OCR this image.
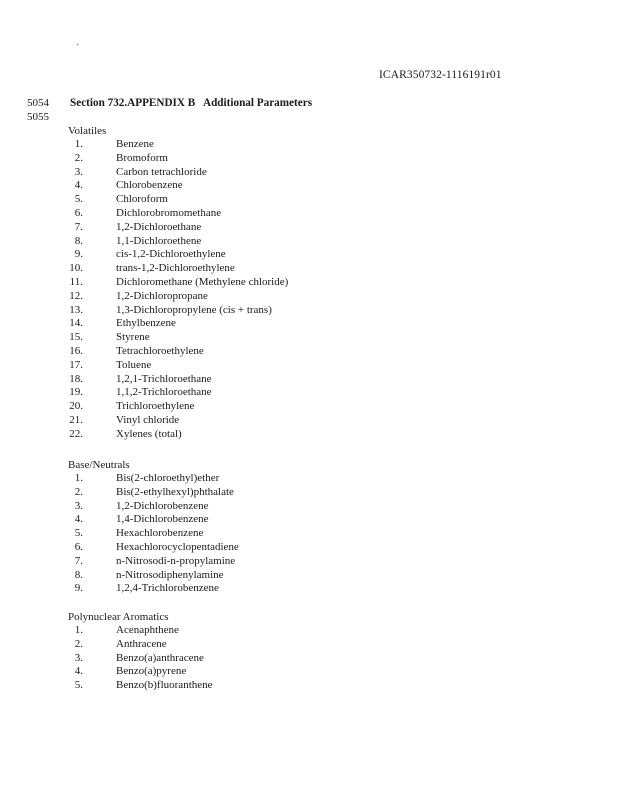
·
ICAR350732-1116191r01
5054
5055
Section 732.APPENDIX B   Additional Parameters
Volatiles
1.	Benzene
2.	Bromoform
3.	Carbon tetrachloride
4.	Chlorobenzene
5.	Chloroform
6.	Dichlorobromomethane
7.	1,2-Dichloroethane
8.	1,1-Dichloroethene
9.	cis-1,2-Dichloroethylene
10.	trans-1,2-Dichloroethylene
11.	Dichloromethane (Methylene chloride)
12.	1,2-Dichloropropane
13.	1,3-Dichloropropylene (cis + trans)
14.	Ethylbenzene
15.	Styrene
16.	Tetrachloroethylene
17.	Toluene
18.	1,2,1-Trichloroethane
19.	1,1,2-Trichloroethane
20.	Trichloroethylene
21.	Vinyl chloride
22.	Xylenes (total)
Base/Neutrals
1.	Bis(2-chloroethyl)ether
2.	Bis(2-ethylhexyl)phthalate
3.	1,2-Dichlorobenzene
4.	1,4-Dichlorobenzene
5.	Hexachlorobenzene
6.	Hexachlorocyclopentadiene
7.	n-Nitrosodi-n-propylamine
8.	n-Nitrosodiphenylamine
9.	1,2,4-Trichlorobenzene
Polynuclear Aromatics
1.	Acenaphthene
2.	Anthracene
3.	Benzo(a)anthracene
4.	Benzo(a)pyrene
5.	Benzo(b)fluoranthene
